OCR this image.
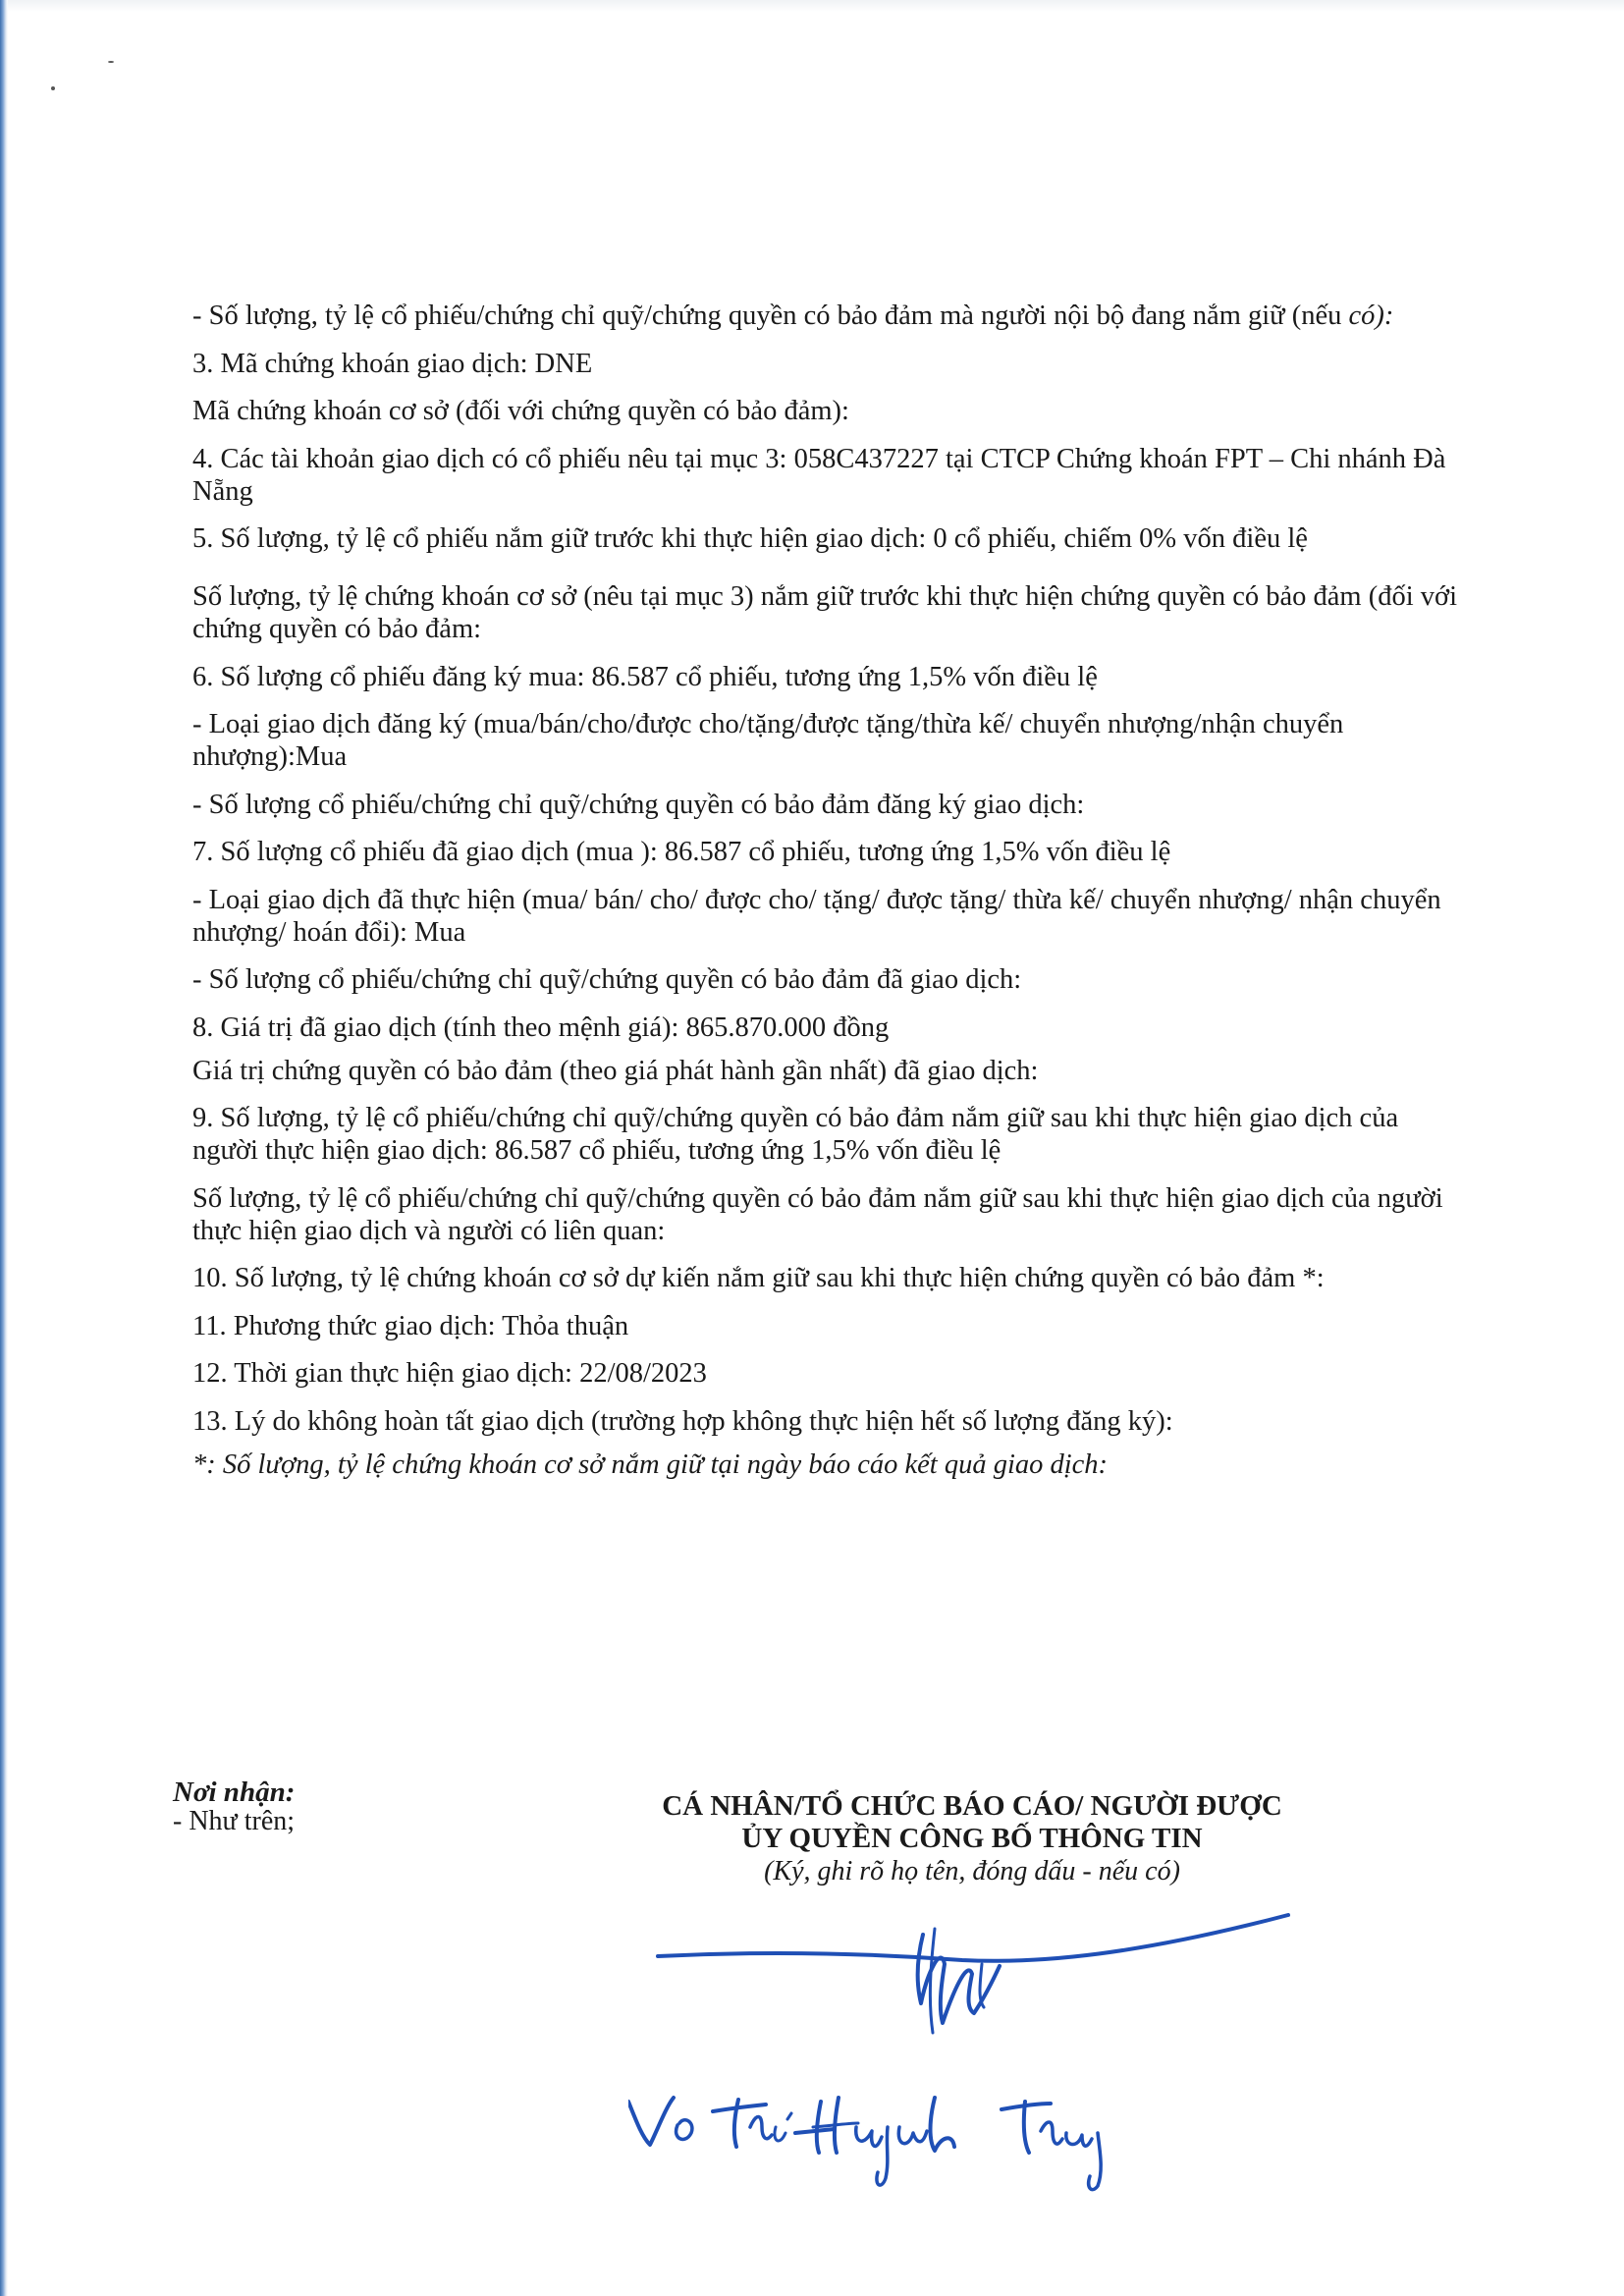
- Số lượng, tỷ lệ cổ phiếu/chứng chỉ quỹ/chứng quyền có bảo đảm mà người nội bộ đang nắm giữ (nếu có):

3. Mã chứng khoán giao dịch: DNE

Mã chứng khoán cơ sở (đối với chứng quyền có bảo đảm):

4. Các tài khoản giao dịch có cổ phiếu nêu tại mục 3: 058C437227 tại CTCP Chứng khoán FPT – Chi nhánh Đà Nẵng

5. Số lượng, tỷ lệ cổ phiếu nắm giữ trước khi thực hiện giao dịch: 0 cổ phiếu, chiếm 0% vốn điều lệ

Số lượng, tỷ lệ chứng khoán cơ sở (nêu tại mục 3) nắm giữ trước khi thực hiện chứng quyền có bảo đảm (đối với chứng quyền có bảo đảm:

6. Số lượng cổ phiếu đăng ký mua: 86.587 cổ phiếu, tương ứng 1,5% vốn điều lệ

- Loại giao dịch đăng ký (mua/bán/cho/được cho/tặng/được tặng/thừa kế/ chuyển nhượng/nhận chuyển nhượng):Mua

- Số lượng cổ phiếu/chứng chỉ quỹ/chứng quyền có bảo đảm đăng ký giao dịch:

7. Số lượng cổ phiếu đã giao dịch (mua ): 86.587 cổ phiếu, tương ứng 1,5% vốn điều lệ

- Loại giao dịch đã thực hiện (mua/ bán/ cho/ được cho/ tặng/ được tặng/ thừa kế/ chuyển nhượng/ nhận chuyển nhượng/ hoán đổi): Mua

- Số lượng cổ phiếu/chứng chỉ quỹ/chứng quyền có bảo đảm đã giao dịch:

8. Giá trị đã giao dịch (tính theo mệnh giá): 865.870.000 đồng

Giá trị chứng quyền có bảo đảm (theo giá phát hành gần nhất) đã giao dịch:

9. Số lượng, tỷ lệ cổ phiếu/chứng chỉ quỹ/chứng quyền có bảo đảm nắm giữ sau khi thực hiện giao dịch của người thực hiện giao dịch: 86.587 cổ phiếu, tương ứng 1,5% vốn điều lệ

Số lượng, tỷ lệ cổ phiếu/chứng chỉ quỹ/chứng quyền có bảo đảm nắm giữ sau khi thực hiện giao dịch của người thực hiện giao dịch và người có liên quan:

10. Số lượng, tỷ lệ chứng khoán cơ sở dự kiến nắm giữ sau khi thực hiện chứng quyền có bảo đảm *:

11. Phương thức giao dịch: Thỏa thuận

12. Thời gian thực hiện giao dịch: 22/08/2023

13. Lý do không hoàn tất giao dịch (trường hợp không thực hiện hết số lượng đăng ký):

*: Số lượng, tỷ lệ chứng khoán cơ sở nắm giữ tại ngày báo cáo kết quả giao dịch:

Nơi nhận:
- Như trên;	CÁ NHÂN/TỔ CHỨC BÁO CÁO/ NGƯỜI ĐƯỢC
ỦY QUYỀN CÔNG BỐ THÔNG TIN
(Ký, ghi rõ họ tên, đóng dấu - nếu có)
